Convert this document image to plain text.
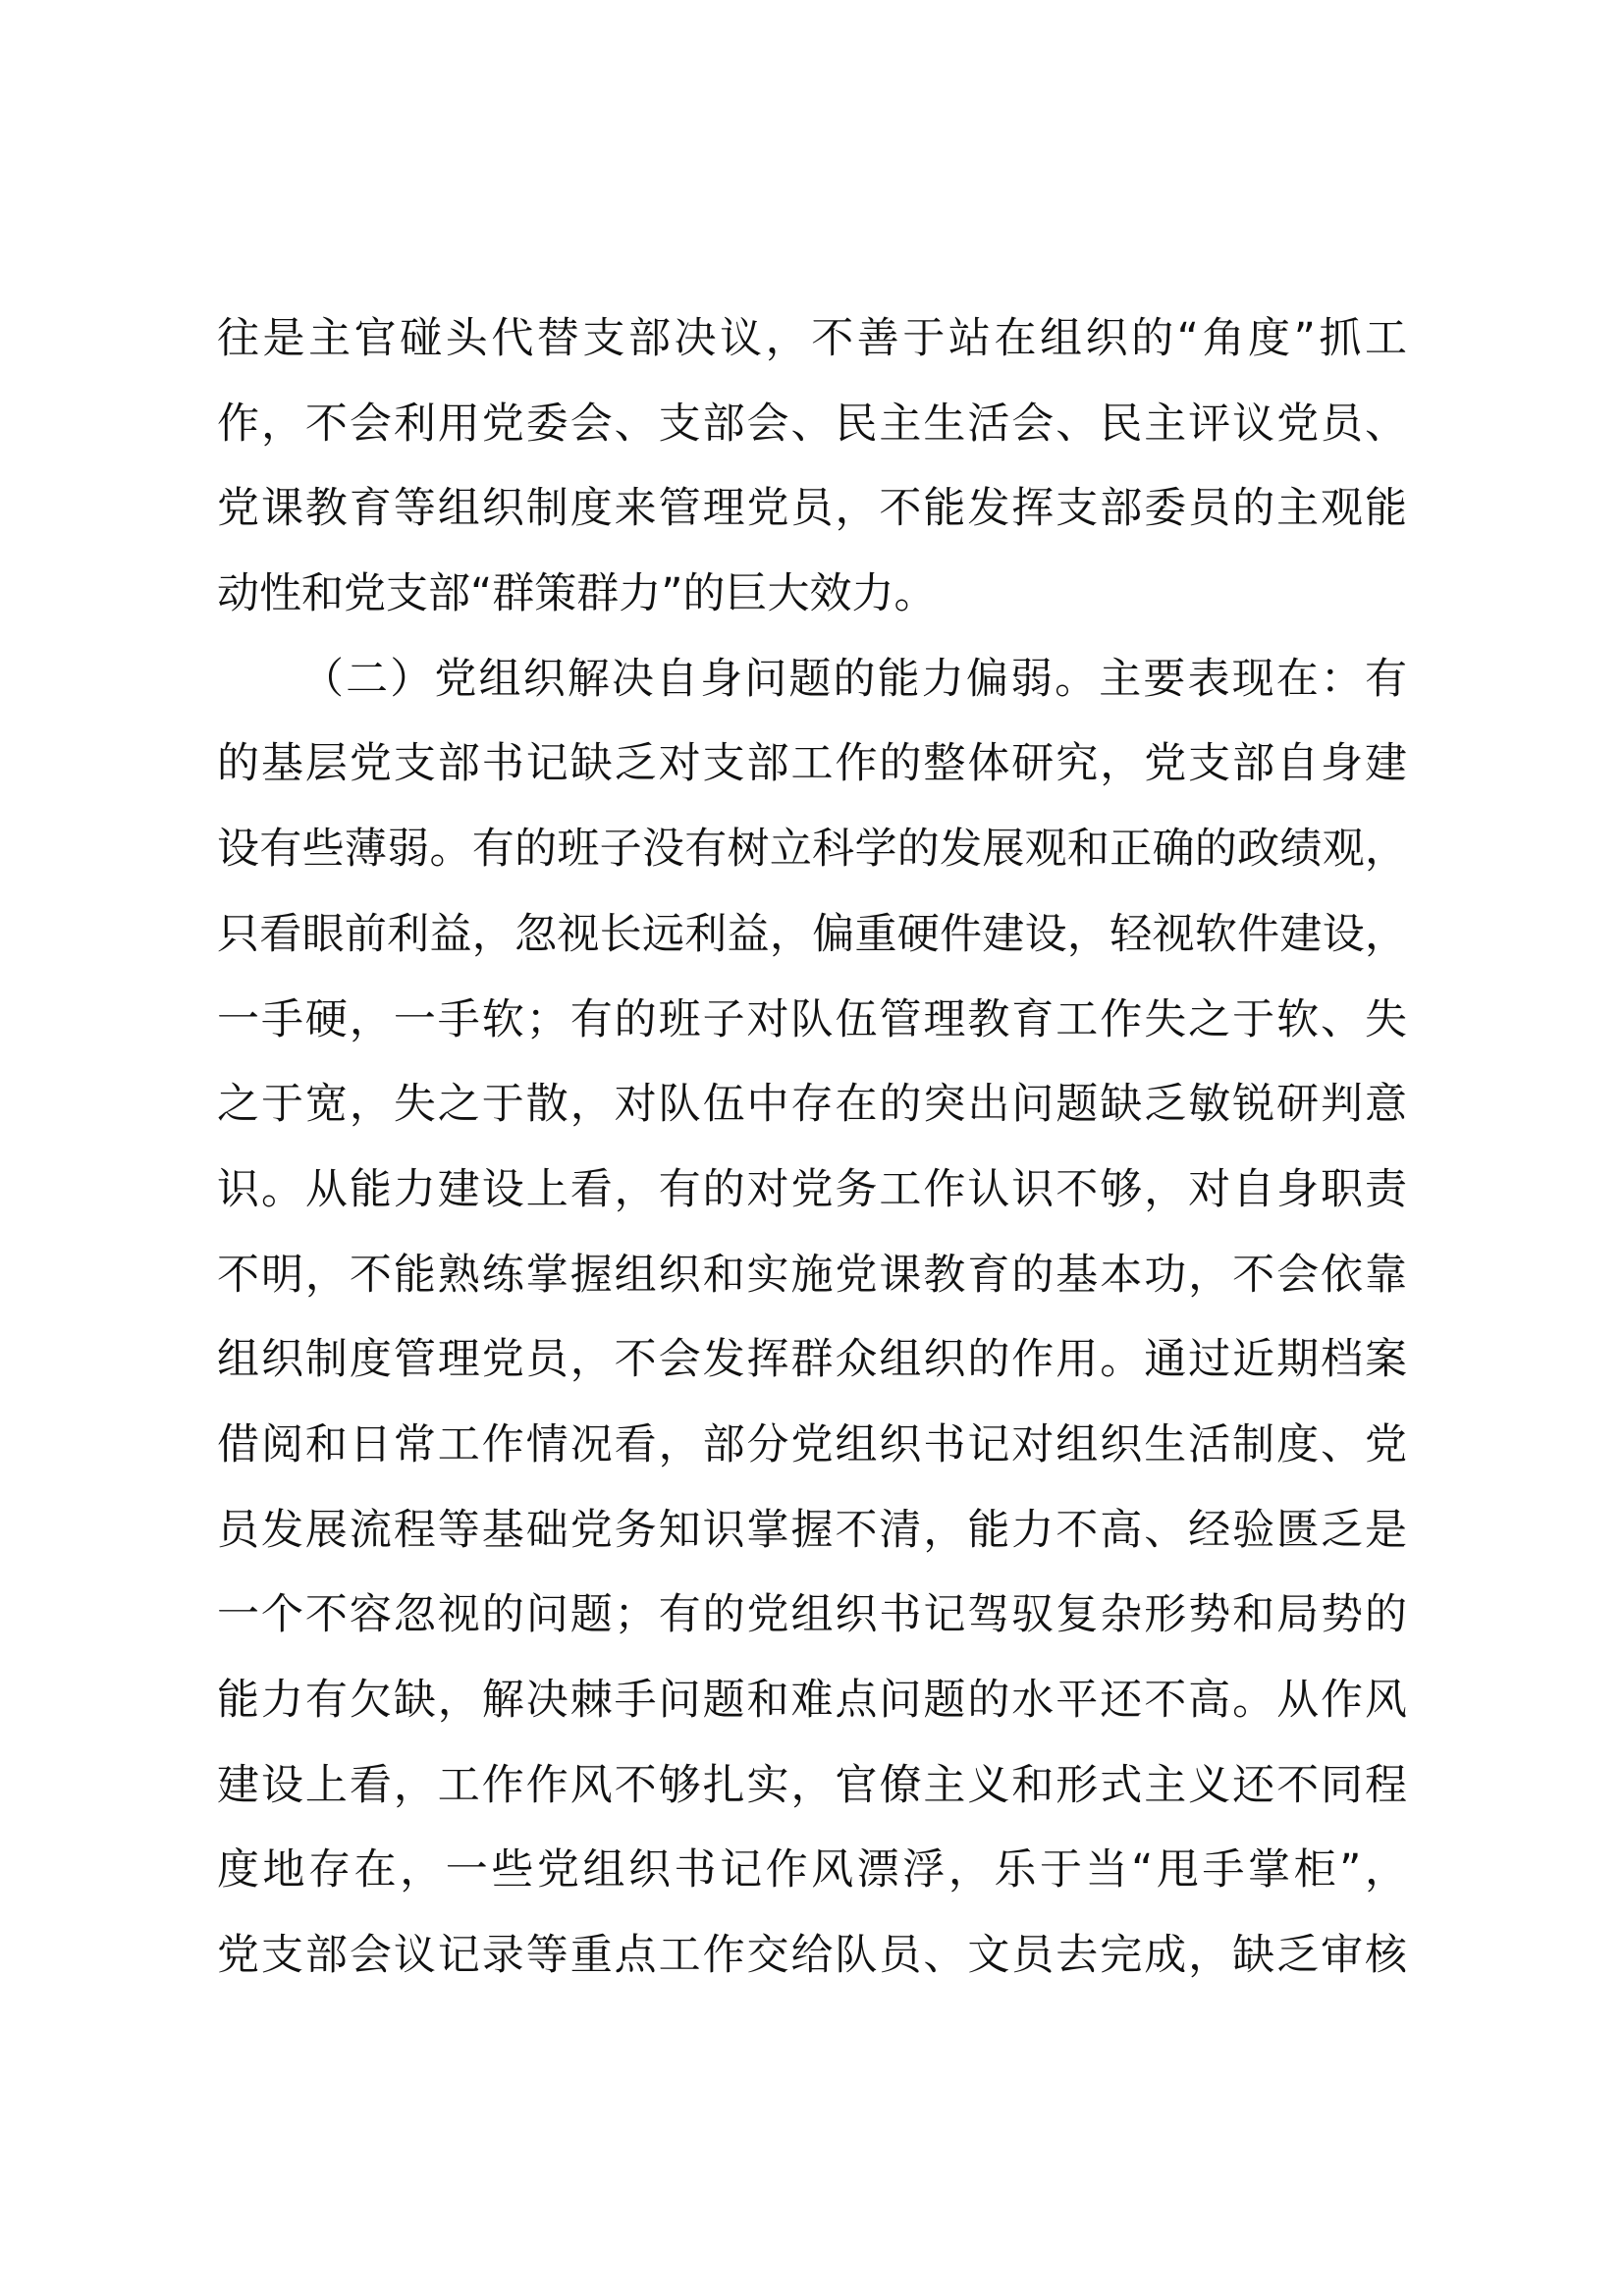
往是主官碰头代替支部决议，不善于站在组织的“角度”抓工
作，不会利用党委会、支部会、民主生活会、民主评议党员、
党课教育等组织制度来管理党员，不能发挥支部委员的主观能
动性和党支部“群策群力”的巨大效力。
（二）党组织解决自身问题的能力偏弱。主要表现在：有
的基层党支部书记缺乏对支部工作的整体研究，党支部自身建
设有些薄弱。有的班子没有树立科学的发展观和正确的政绩观，
只看眼前利益，忽视长远利益，偏重硬件建设，轻视软件建设，
一手硬，一手软；有的班子对队伍管理教育工作失之于软、失
之于宽，失之于散，对队伍中存在的突出问题缺乏敏锐研判意
识。从能力建设上看，有的对党务工作认识不够，对自身职责
不明，不能熟练掌握组织和实施党课教育的基本功，不会依靠
组织制度管理党员，不会发挥群众组织的作用。通过近期档案
借阅和日常工作情况看，部分党组织书记对组织生活制度、党
员发展流程等基础党务知识掌握不清，能力不高、经验匮乏是
一个不容忽视的问题；有的党组织书记驾驭复杂形势和局势的
能力有欠缺，解决棘手问题和难点问题的水平还不高。从作风
建设上看，工作作风不够扎实，官僚主义和形式主义还不同程
度地存在，一些党组织书记作风漂浮，乐于当“甩手掌柜”，
党支部会议记录等重点工作交给队员、文员去完成，缺乏审核
